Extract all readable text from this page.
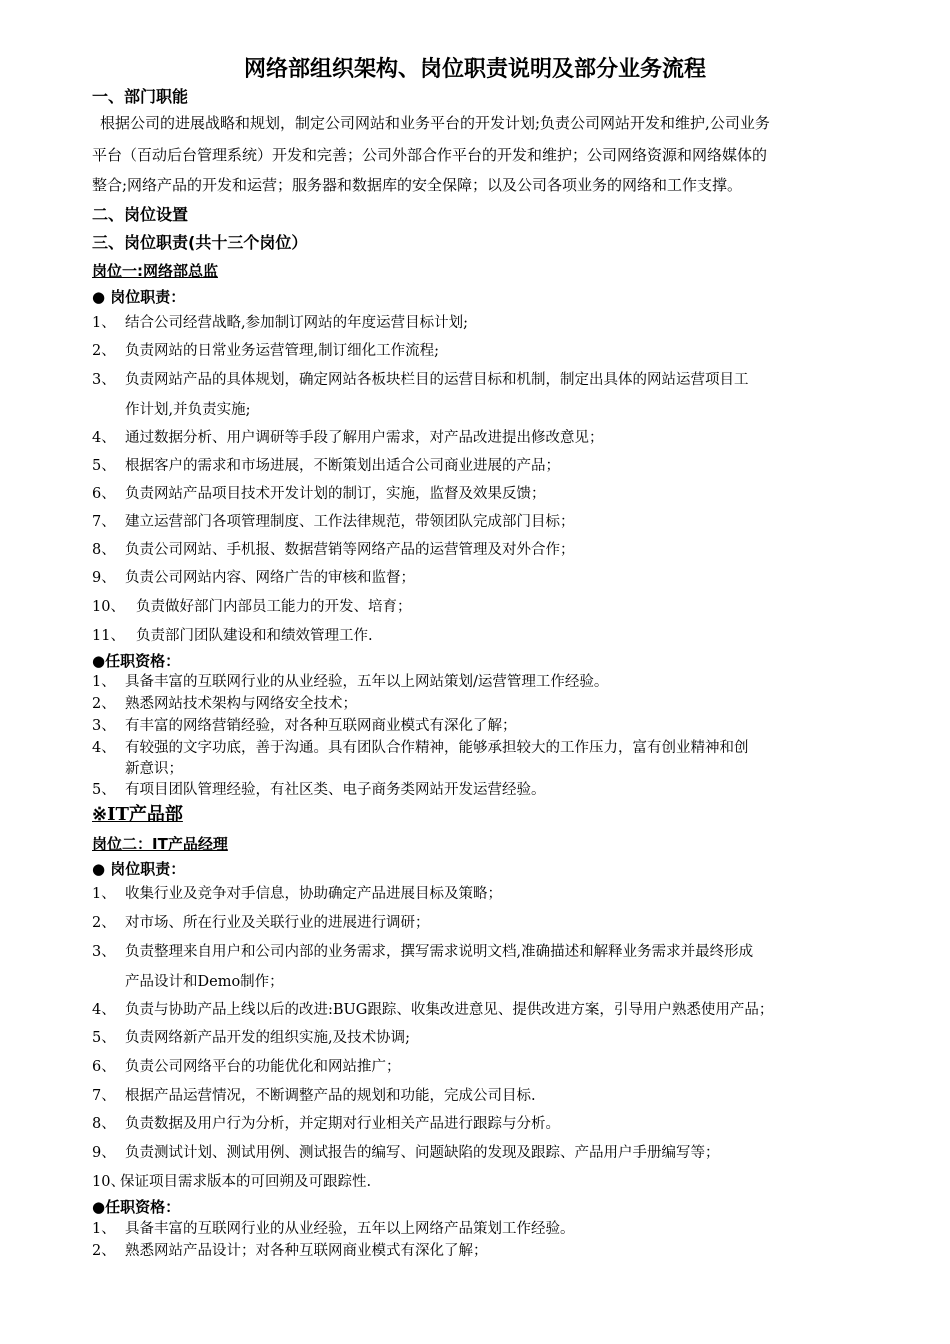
网络部组织架构、岗位职责说明及部分业务流程
一、部门职能
根据公司的进展战略和规划，制定公司网站和业务平台的开发计划;负责公司网站开发和维护,公司业务
平台（百动后台管理系统）开发和完善；公司外部合作平台的开发和维护；公司网络资源和网络媒体的
整合;网络产品的开发和运营；服务器和数据库的安全保障；以及公司各项业务的网络和工作支撑。
二、岗位设置
三、岗位职责(共十三个岗位）
岗位一:网络部总监
● 岗位职责：
1、 结合公司经营战略,参加制订网站的年度运营目标计划;
2、 负责网站的日常业务运营管理,制订细化工作流程;
3、 负责网站产品的具体规划，确定网站各板块栏目的运营目标和机制，制定出具体的网站运营项目工
作计划,并负责实施;
4、 通过数据分析、用户调研等手段了解用户需求，对产品改进提出修改意见；
5、 根据客户的需求和市场进展，不断策划出适合公司商业进展的产品；
6、 负责网站产品项目技术开发计划的制订，实施，监督及效果反馈；
7、 建立运营部门各项管理制度、工作法律规范，带领团队完成部门目标；
8、 负责公司网站、手机报、数据营销等网络产品的运营管理及对外合作；
9、 负责公司网站内容、网络广告的审核和监督；
10、 负责做好部门内部员工能力的开发、培育；
11、 负责部门团队建设和和绩效管理工作.
●任职资格：
1、 具备丰富的互联网行业的从业经验，五年以上网站策划/运营管理工作经验。
2、 熟悉网站技术架构与网络安全技术；
3、 有丰富的网络营销经验，对各种互联网商业模式有深化了解；
4、 有较强的文字功底，善于沟通。具有团队合作精神，能够承担较大的工作压力，富有创业精神和创
新意识；
5、 有项目团队管理经验，有社区类、电子商务类网站开发运营经验。
※IT产品部
岗位二：IT产品经理
● 岗位职责：
1、 收集行业及竞争对手信息，协助确定产品进展目标及策略；
2、 对市场、所在行业及关联行业的进展进行调研；
3、 负责整理来自用户和公司内部的业务需求，撰写需求说明文档,准确描述和解释业务需求并最终形成
产品设计和Demo制作；
4、 负责与协助产品上线以后的改进:BUG跟踪、收集改进意见、提供改进方案，引导用户熟悉使用产品；
5、 负责网络新产品开发的组织实施,及技术协调;
6、 负责公司网络平台的功能优化和网站推广；
7、 根据产品运营情况，不断调整产品的规划和功能，完成公司目标.
8、 负责数据及用户行为分析，并定期对行业相关产品进行跟踪与分析。
9、 负责测试计划、测试用例、测试报告的编写、问题缺陷的发现及跟踪、产品用户手册编写等；
10、
保证项目需求版本的可回朔及可跟踪性.
●任职资格：
1、 具备丰富的互联网行业的从业经验，五年以上网络产品策划工作经验。
2、 熟悉网站产品设计；对各种互联网商业模式有深化了解；
